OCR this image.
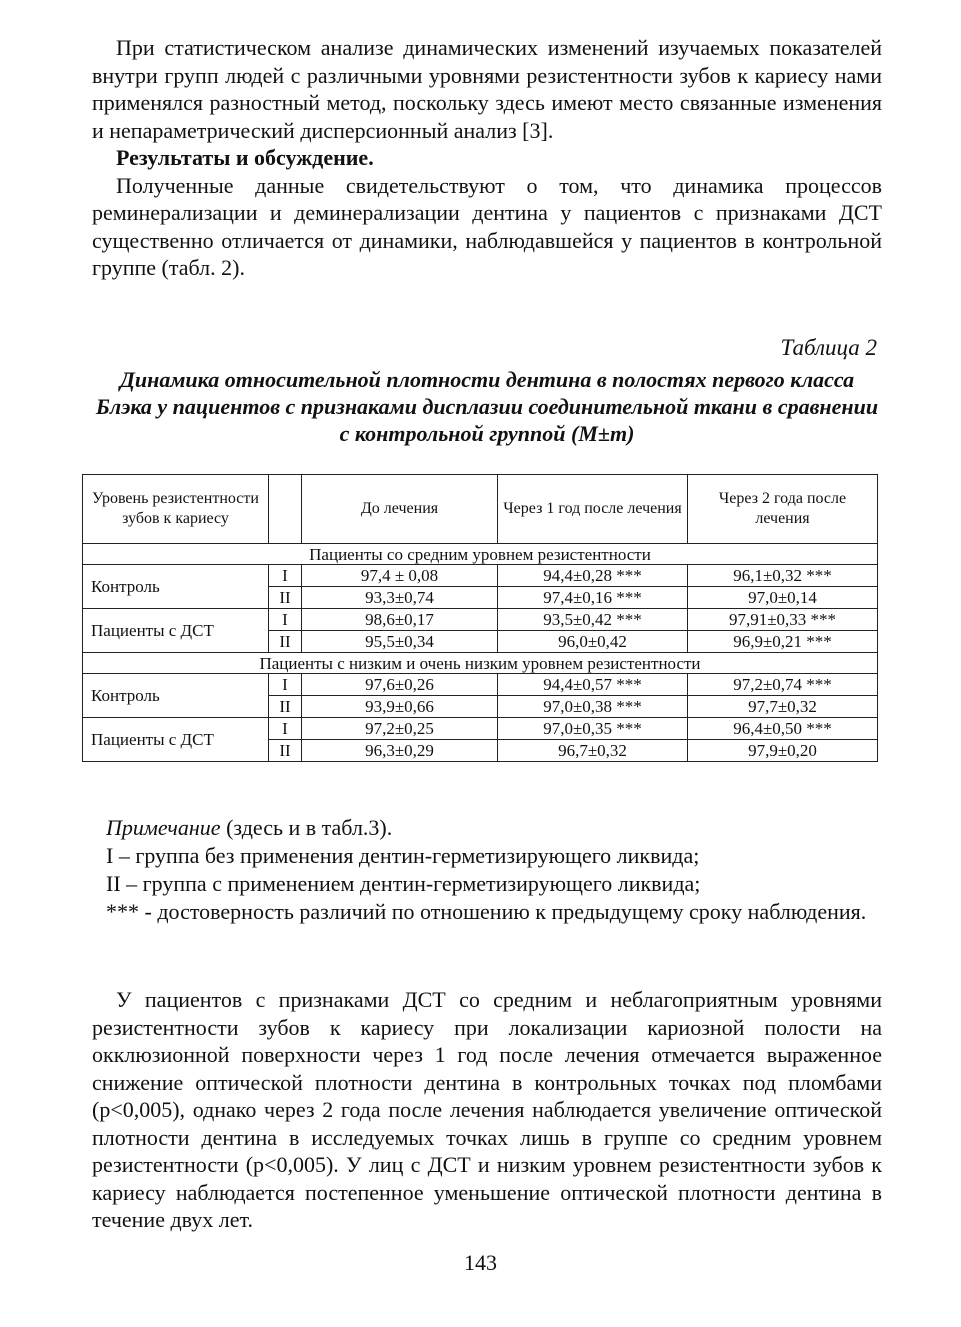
При статистическом анализе динамических изменений изучаемых показателей внутри групп людей с различными уровнями резистентности зубов к кариесу нами применялся разностный метод, поскольку здесь имеют место связанные изменения и непараметрический дисперсионный анализ [3].

Результаты и обсуждение.

Полученные данные свидетельствуют о том, что динамика процессов реминерализации и деминерализации дентина у пациентов с признаками ДСТ существенно отличается от динамики, наблюдавшейся у пациентов в контрольной группе (табл. 2).

Таблица 2
Динамика относительной плотности дентина в полостях первого класса Блэка у пациентов с признаками дисплазии соединительной ткани в сравнении с контрольной группой (М±m)
Уровень резистентности зубов к кариесу		До лечения	Через 1 год после лечения	Через 2 года после лечения
Пациенты со средним уровнем резистентности				
Контроль	I	97,4 ± 0,08	94,4±0,28 ***	96,1±0,32 ***
	II	93,3±0,74	97,4±0,16 ***	97,0±0,14
Пациенты с ДСТ	I	98,6±0,17	93,5±0,42 ***	97,91±0,33 ***
	II	95,5±0,34	96,0±0,42	96,9±0,21 ***
Пациенты с низким и очень низким уровнем резистентности				
Контроль	I	97,6±0,26	94,4±0,57 ***	97,2±0,74 ***
	II	93,9±0,66	97,0±0,38 ***	97,7±0,32
Пациенты с ДСТ	I	97,2±0,25	97,0±0,35 ***	96,4±0,50 ***
	II	96,3±0,29	96,7±0,32	97,9±0,20

Примечание (здесь и в табл.3).

I – группа без применения дентин-герметизирующего ликвида;

II – группа с применением дентин-герметизирующего ликвида;

*** - достоверность различий по отношению к предыдущему сроку наблюдения.

У пациентов с признаками ДСТ со средним и неблагоприятным уровнями резистентности зубов к кариесу при локализации кариозной полости на окклюзионной поверхности через 1 год после лечения отмечается выраженное снижение оптической плотности дентина в контрольных точках под пломбами (p<0,005), однако через 2 года после лечения наблюдается увеличение оптической плотности дентина в исследуемых точках лишь в группе со средним уровнем резистентности (p<0,005). У лиц с ДСТ и низким уровнем резистентности зубов к кариесу наблюдается постепенное уменьшение оптической плотности дентина в течение двух лет.

143
